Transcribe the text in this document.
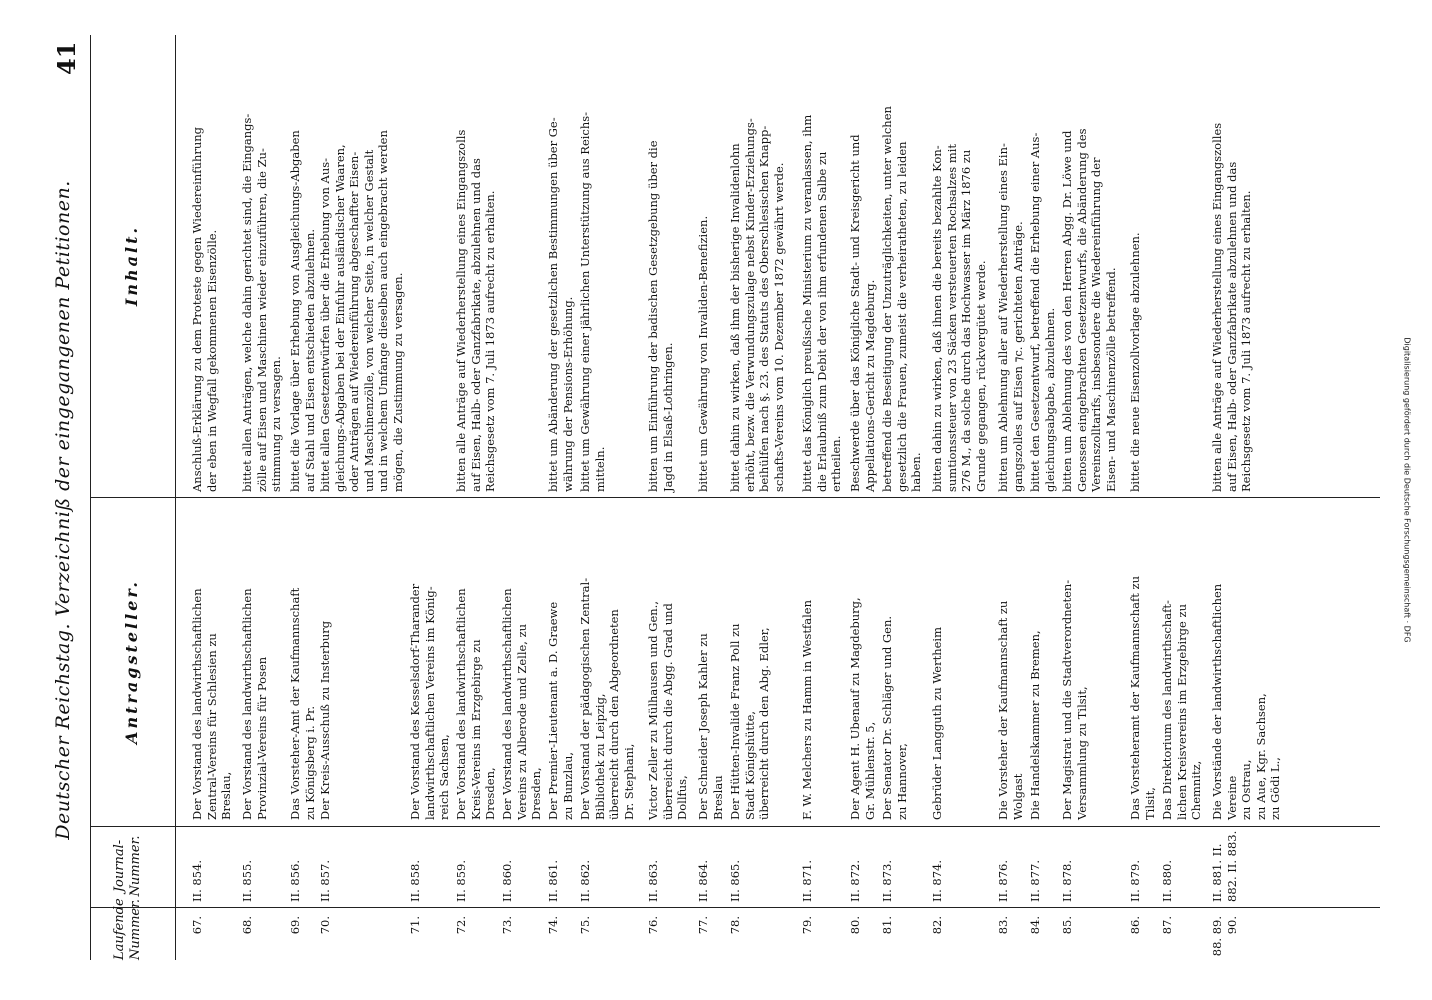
Deutscher Reichstag. Verzeichniß der eingegangenen Petitionen.
41
Laufende Nummer.
Journal-Nummer.
Antragsteller.
Inhalt.
67.
II. 854.
Der Vorstand des landwirthschaftlichen
Zentral-Vereins für Schlesien zu
Breslau,
Anschluß-Erklärung zu dem Proteste gegen Wiedereinführung
der eben in Wegfall gekommenen Eisenzölle.
68.
II. 855.
Der Vorstand des landwirthschaftlichen
Provinzial-Vereins für Posen
bittet allen Anträgen, welche dahin gerichtet sind, die Eingangs-
zölle auf Eisen und Maschinen wieder einzuführen, die Zu-
stimmung zu versagen.
69.
II. 856.
Das Vorsteher-Amt der Kaufmannschaft
zu Königsberg i. Pr.
bittet die Vorlage über Erhebung von Ausgleichungs-Abgaben
auf Stahl und Eisen entschieden abzulehnen.
70.
II. 857.
Der Kreis-Ausschuß zu Insterburg
bittet allen Gesetzentwürfen über die Erhebung von Aus-
gleichungs-Abgaben bei der Einfuhr ausländischer Waaren,
oder Anträgen auf Wiedereinführung abgeschaffter Eisen-
und Maschinenzölle, von welcher Seite, in welcher Gestalt
und in welchem Umfange dieselben auch eingebracht werden
mögen, die Zustimmung zu versagen.
71.
II. 858.
Der Vorstand des Kesselsdorf-Tharander
landwirthschaftlichen Vereins im König-
reich Sachsen,
72.
II. 859.
Der Vorstand des landwirthschaftlichen
Kreis-Vereins im Erzgebirge zu
Dresden,
bitten alle Anträge auf Wiederherstellung eines Eingangszolls
auf Eisen, Halb- oder Ganzfabrikate, abzulehnen und das
Reichsgesetz vom 7. Juli 1873 aufrecht zu erhalten.
73.
II. 860.
Der Vorstand des landwirthschaftlichen
Vereins zu Alberode und Zelle, zu
Dresden,
74.
II. 861.
Der Premier-Lieutenant a. D. Graewe
zu Bunzlau,
bittet um Abänderung der gesetzlichen Bestimmungen über Ge-
währung der Pensions-Erhöhung.
75.
II. 862.
Der Vorstand der pädagogischen Zentral-
Bibliothek zu Leipzig,
überreicht durch den Abgeordneten
Dr. Stephani,
bittet um Gewährung einer jährlichen Unterstützung aus Reichs-
mitteln.
76.
II. 863.
Victor Zeller zu Mülhausen und Gen.,
überreicht durch die Abgg. Grad und
Dollfus,
bitten um Einführung der badischen Gesetzgebung über die
Jagd in Elsaß-Lothringen.
77.
II. 864.
Der Schneider Joseph Kahler zu
Breslau
bittet um Gewährung von Invaliden-Benefizien.
78.
II. 865.
Der Hütten-Invalide Franz Poll zu
Stadt Königshütte,
überreicht durch den Abg. Edler,
bittet dahin zu wirken, daß ihm der bisherige Invalidenlohn
erhöht, bezw. die Verwundungszulage nebst Kinder-Erziehungs-
beihülfen nach §. 23. des Statuts des Oberschlesischen Knapp-
schafts-Vereins vom 10. Dezember 1872 gewährt werde.
79.
II. 871.
F. W. Melchers zu Hamm in Westfalen
bittet das Königlich preußische Ministerium zu veranlassen, ihm
die Erlaubniß zum Debit der von ihm erfundenen Salbe zu
ertheilen.
80.
II. 872.
Der Agent H. Ubenauf zu Magdeburg,
Gr. Mühlenstr. 5,
Beschwerde über das Königliche Stadt- und Kreisgericht und
Appellations-Gericht zu Magdeburg.
81.
II. 873.
Der Senator Dr. Schläger und Gen.
zu Hannover,
betreffend die Beseitigung der Unzuträglichkeiten, unter welchen
gesetzlich die Frauen, zumeist die verheiratheten, zu leiden
haben.
82.
II. 874.
Gebrüder Langguth zu Wertheim
bitten dahin zu wirken, daß ihnen die bereits bezahlte Kon-
sumtionssteuer von 23 Säcken versteuerten Rochsalzes mit
276 M., da solche durch das Hochwasser im März 1876 zu
Grunde gegangen, rückvergütet werde.
83.
II. 876.
Die Vorsteher der Kaufmannschaft zu
Wolgast
bitten um Ablehnung aller auf Wiederherstellung eines Ein-
gangszolles auf Eisen ⁊c. gerichteten Anträge.
84.
II. 877.
Die Handelskammer zu Bremen,
bittet den Gesetzentwurf, betreffend die Erhebung einer Aus-
gleichungsabgabe, abzulehnen.
85.
II. 878.
Der Magistrat und die Stadtverordneten-
Versammlung zu Tilsit,
bitten um Ablehnung des von den Herren Abgg. Dr. Löwe und
Genossen eingebrachten Gesetzentwurfs, die Abänderung des
Vereinszolltarifs, insbesondere die Wiedereinführung der
Eisen- und Maschinenzölle betreffend.
86.
II. 879.
Das Vorsteheramt der Kaufmannschaft zu
Tilsit,
bittet die neue Eisenzollvorlage abzulehnen.
87.
II. 880.
Das Direktorium des landwirthschaft-
lichen Kreisvereins im Erzgebirge zu
Chemnitz,
88. 89. 90.
II. 881. II. 882. II. 883.
Die Vorstände der landwirthschaftlichen
Vereine
zu Ostrau,
zu Aue, Kgr. Sachsen,
zu Gödi L.,
bitten alle Anträge auf Wiederherstellung eines Eingangszolles
auf Eisen, Halb- oder Ganzfabrikate abzulehnen und das
Reichsgesetz vom 7. Juli 1873 aufrecht zu erhalten.
Digitalisierung gefördert durch die Deutsche Forschungsgemeinschaft · DFG
